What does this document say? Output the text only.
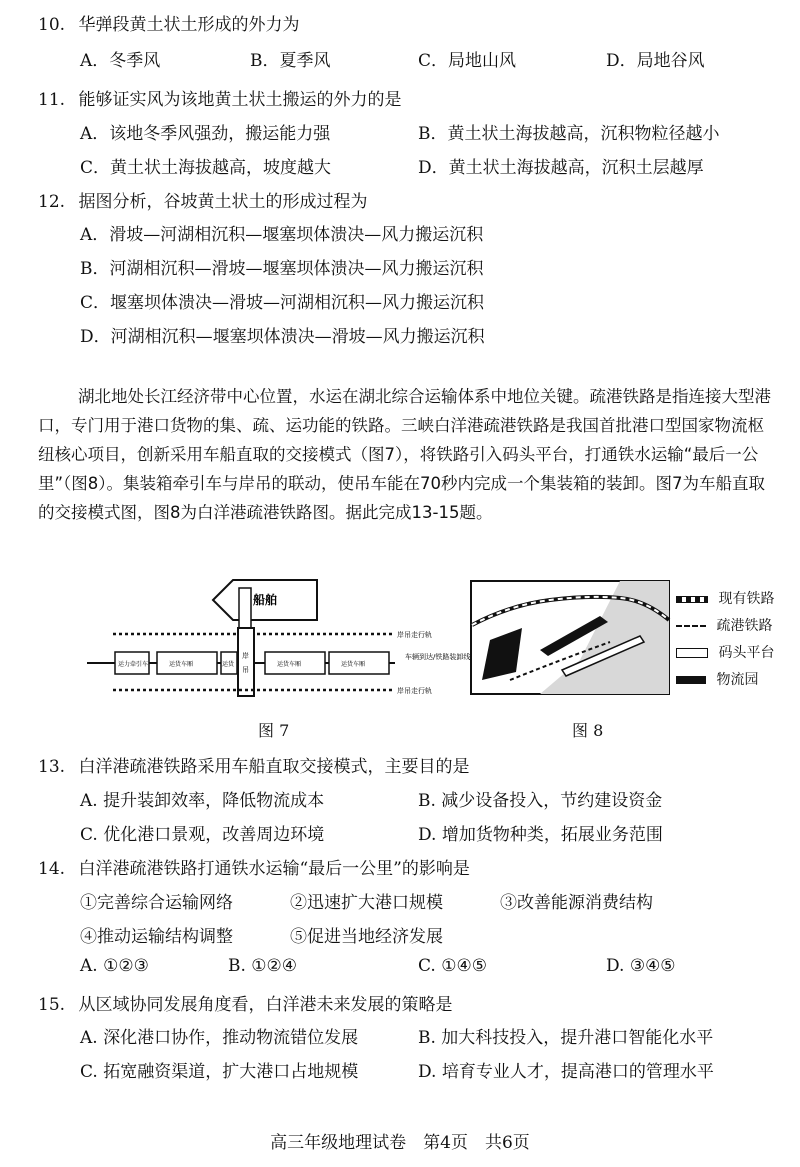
10. 华弹段黄土状土形成的外力为
A．冬季风	B．夏季风	C．局地山风	D．局地谷风
11. 能够证实风为该地黄土状土搬运的外力的是
A．该地冬季风强劲，搬运能力强	B．黄土状土海拔越高，沉积物粒径越小
C．黄土状土海拔越高，坡度越大	D．黄土状土海拔越高，沉积土层越厚
12. 据图分析，谷坡黄土状土的形成过程为
A．滑坡—河湖相沉积—堰塞坝体溃决—风力搬运沉积
B．河湖相沉积—滑坡—堰塞坝体溃决—风力搬运沉积
C．堰塞坝体溃决—滑坡—河湖相沉积—风力搬运沉积
D．河湖相沉积—堰塞坝体溃决—滑坡—风力搬运沉积
湖北地处长江经济带中心位置，水运在湖北综合运输体系中地位关键。疏港铁路是指连接大型港口，专门用于港口货物的集、疏、运功能的铁路。三峡白洋港疏港铁路是我国首批港口型国家物流枢纽核心项目，创新采用车船直取的交接模式（图7），将铁路引入码头平台，打通铁水运输“最后一公里”（图8）。集装箱牵引车与岸吊的联动，使吊车能在70秒内完成一个集装箱的装卸。图7为车船直取的交接模式图，图8为白洋港疏港铁路图。据此完成13-15题。
船舶
岸吊走行轨
车辆到达/铁路装卸线
运力牵引车	运货车厢	运货	运货车厢	运货车厢
岸吊
岸吊走行轨
图 7	图 8
现有铁路
疏港铁路
码头平台
物流园
13. 白洋港疏港铁路采用车船直取交接模式，主要目的是
A. 提升装卸效率，降低物流成本	B. 减少设备投入，节约建设资金
C. 优化港口景观，改善周边环境	D. 增加货物种类，拓展业务范围
14. 白洋港疏港铁路打通铁水运输“最后一公里”的影响是
①完善综合运输网络	②迅速扩大港口规模	③改善能源消费结构
④推动运输结构调整	⑤促进当地经济发展
A. ①②③	B. ①②④	C. ①④⑤	D. ③④⑤
15. 从区域协同发展角度看，白洋港未来发展的策略是
A. 深化港口协作，推动物流错位发展	B. 加大科技投入，提升港口智能化水平
C. 拓宽融资渠道，扩大港口占地规模	D. 培育专业人才，提高港口的管理水平
高三年级地理试卷　第4页　共6页
